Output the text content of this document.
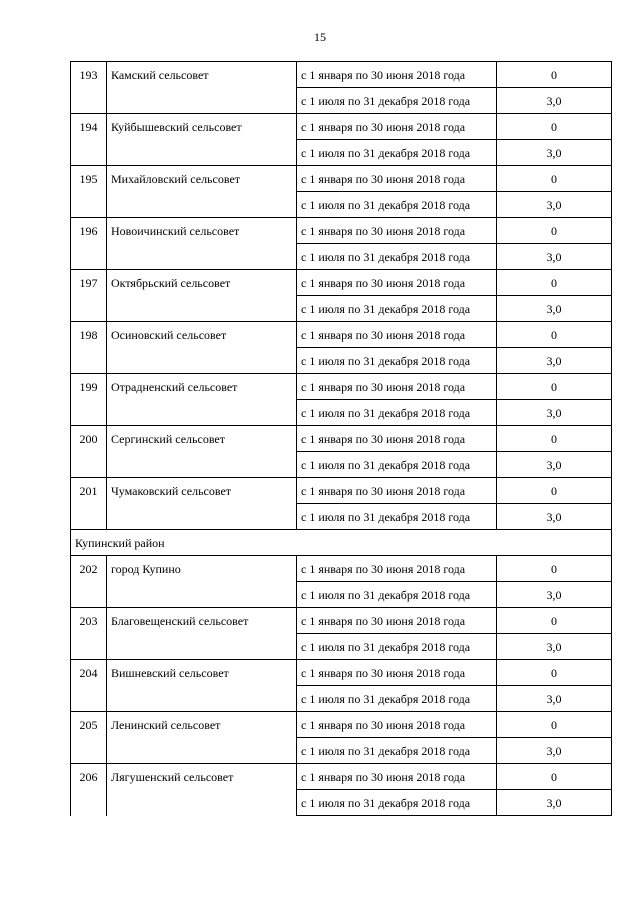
15
193	Камский сельсовет	с 1 января по 30 июня 2018 года	0
		с 1 июля по 31 декабря 2018 года	3,0
194	Куйбышевский сельсовет	с 1 января по 30 июня 2018 года	0
		с 1 июля по 31 декабря 2018 года	3,0
195	Михайловский сельсовет	с 1 января по 30 июня 2018 года	0
		с 1 июля по 31 декабря 2018 года	3,0
196	Новоичинский сельсовет	с 1 января по 30 июня 2018 года	0
		с 1 июля по 31 декабря 2018 года	3,0
197	Октябрьский сельсовет	с 1 января по 30 июня 2018 года	0
		с 1 июля по 31 декабря 2018 года	3,0
198	Осиновский сельсовет	с 1 января по 30 июня 2018 года	0
		с 1 июля по 31 декабря 2018 года	3,0
199	Отрадненский сельсовет	с 1 января по 30 июня 2018 года	0
		с 1 июля по 31 декабря 2018 года	3,0
200	Сергинский сельсовет	с 1 января по 30 июня 2018 года	0
		с 1 июля по 31 декабря 2018 года	3,0
201	Чумаковский сельсовет	с 1 января по 30 июня 2018 года	0
		с 1 июля по 31 декабря 2018 года	3,0
Купинский район			
202	город Купино	с 1 января по 30 июня 2018 года	0
		с 1 июля по 31 декабря 2018 года	3,0
203	Благовещенский сельсовет	с 1 января по 30 июня 2018 года	0
		с 1 июля по 31 декабря 2018 года	3,0
204	Вишневский сельсовет	с 1 января по 30 июня 2018 года	0
		с 1 июля по 31 декабря 2018 года	3,0
205	Ленинский сельсовет	с 1 января по 30 июня 2018 года	0
		с 1 июля по 31 декабря 2018 года	3,0
206	Лягушенский сельсовет	с 1 января по 30 июня 2018 года	0
		с 1 июля по 31 декабря 2018 года	3,0
